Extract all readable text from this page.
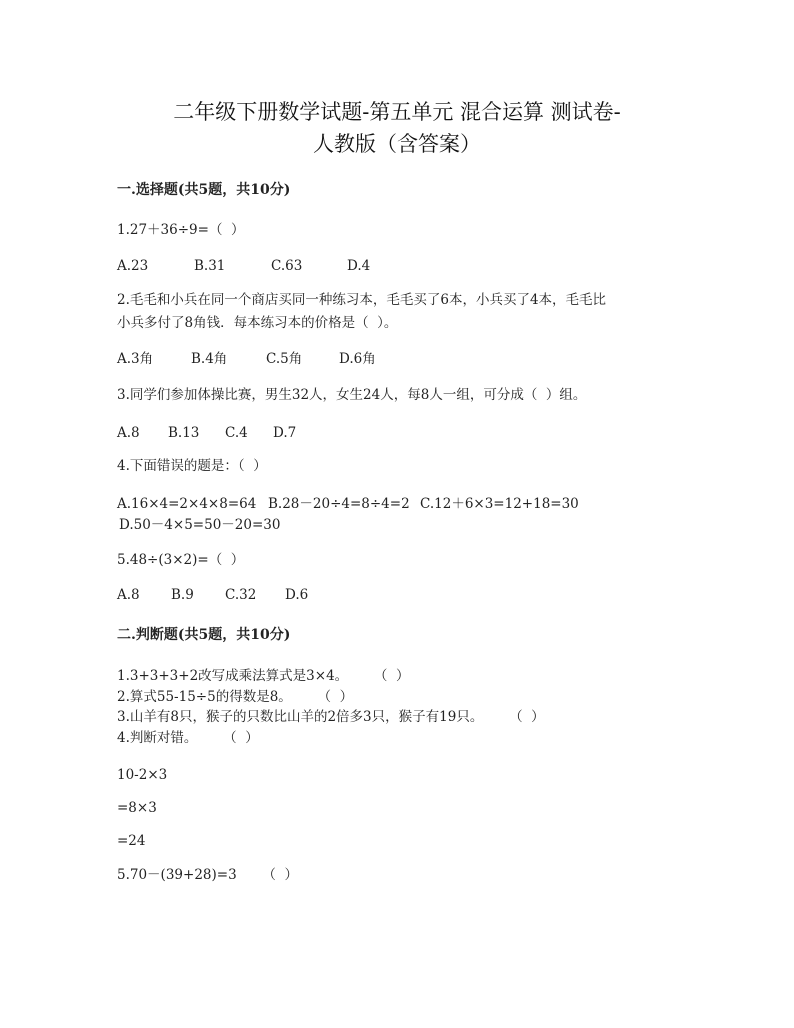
二年级下册数学试题-第五单元 混合运算 测试卷-
人教版（含答案）
一.选择题(共5题，共10分)
1.27＋36÷9=（  ）
A.23	B.31	C.63	D.4
2.毛毛和小兵在同一个商店买同一种练习本，毛毛买了6本，小兵买了4本，毛毛比
小兵多付了8角钱．每本练习本的价格是（  ）。
A.3角	B.4角	C.5角	D.6角
3.同学们参加体操比赛，男生32人，女生24人，每8人一组，可分成（  ）组。
A.8 B.13 C.4 D.7
4.下面错误的题是：（  ）
A.16×4=2×4×8=64 B.28－20÷4=8÷4=2 C.12＋6×3=12+18=30
D.50－4×5=50－20=30
5.48÷(3×2)=（  ）
A.8 B.9 C.32 D.6
二.判断题(共5题，共10分)
1.3+3+3+2改写成乘法算式是3×4。      （  ）
2.算式55-15÷5的得数是8。      （  ）
3.山羊有8只，猴子的只数比山羊的2倍多3只，猴子有19只。      （  ）
4.判断对错。      （  ）
10-2×3
=8×3
=24
5.70－(39+28)=3      （  ）
